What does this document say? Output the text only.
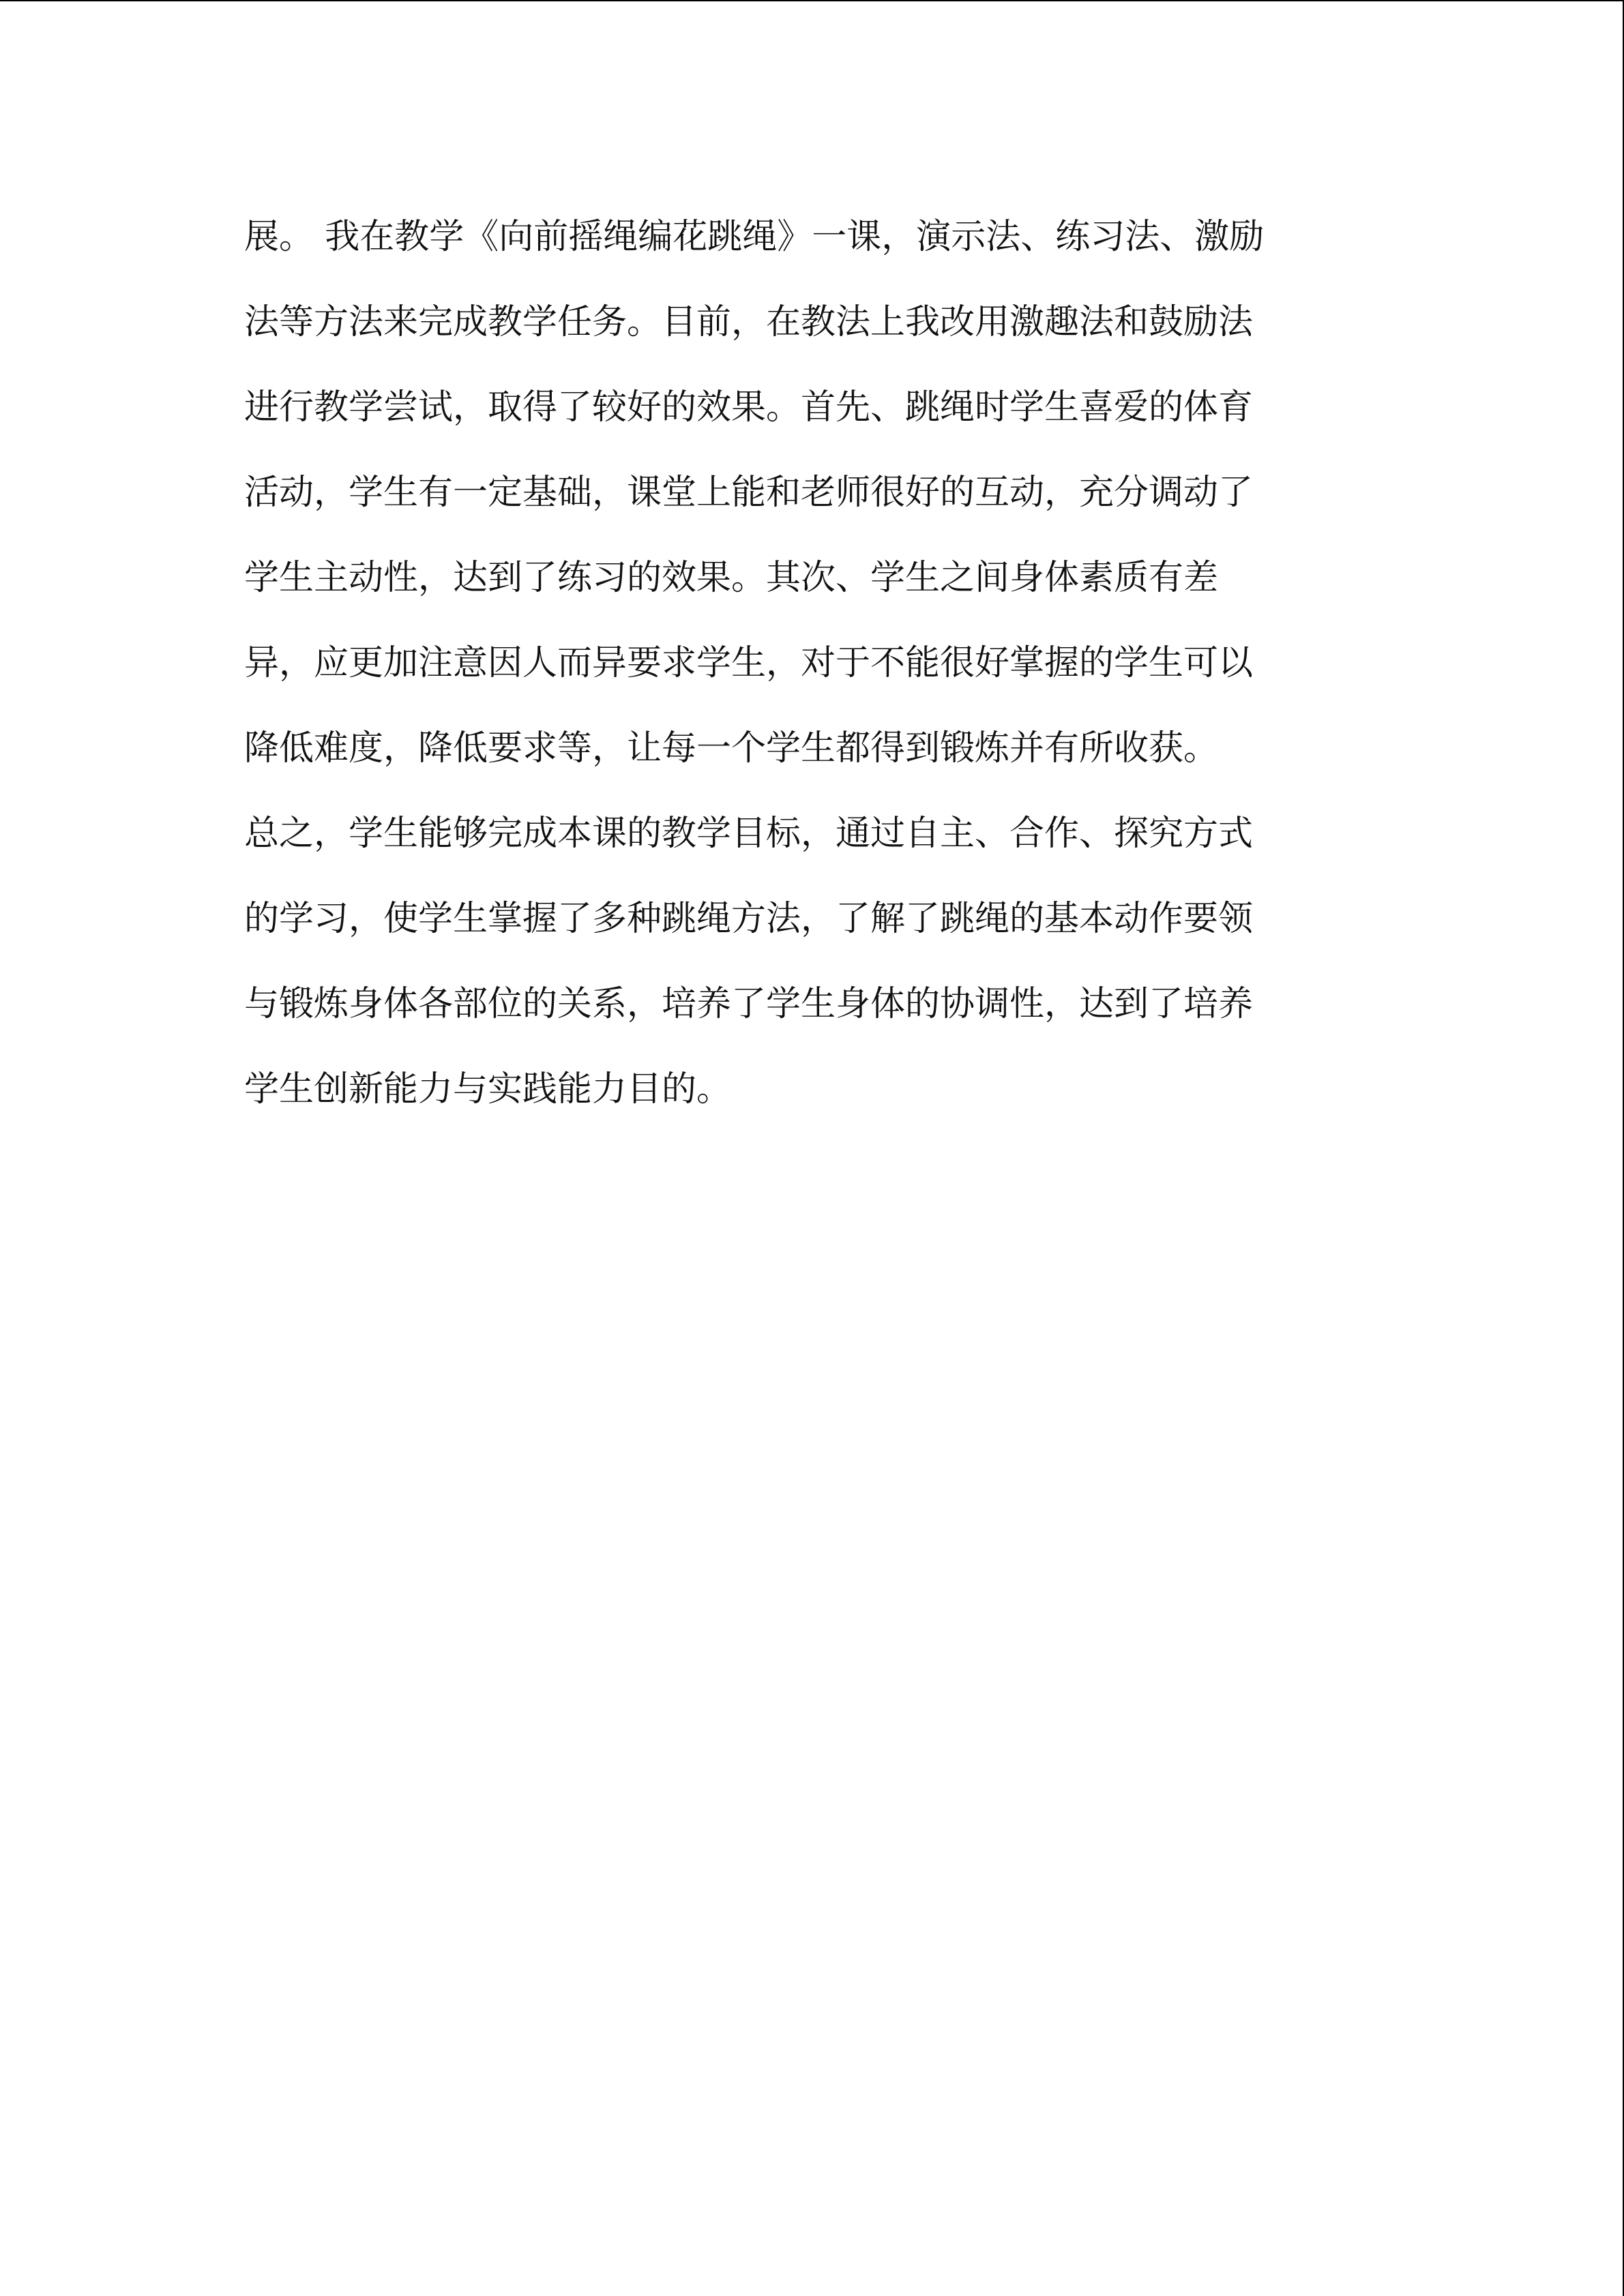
展。 我在教学《向前摇绳编花跳绳》一课，演示法、练习法、激励
法等方法来完成教学任务。目前，在教法上我改用激趣法和鼓励法
进行教学尝试，取得了较好的效果。首先、跳绳时学生喜爱的体育
活动，学生有一定基础，课堂上能和老师很好的互动，充分调动了
学生主动性，达到了练习的效果。其次、学生之间身体素质有差
异，应更加注意因人而异要求学生，对于不能很好掌握的学生可以
降低难度，降低要求等，让每一个学生都得到锻炼并有所收获。
总之，学生能够完成本课的教学目标，通过自主、合作、探究方式
的学习，使学生掌握了多种跳绳方法，了解了跳绳的基本动作要领
与锻炼身体各部位的关系，培养了学生身体的协调性，达到了培养
学生创新能力与实践能力目的。
